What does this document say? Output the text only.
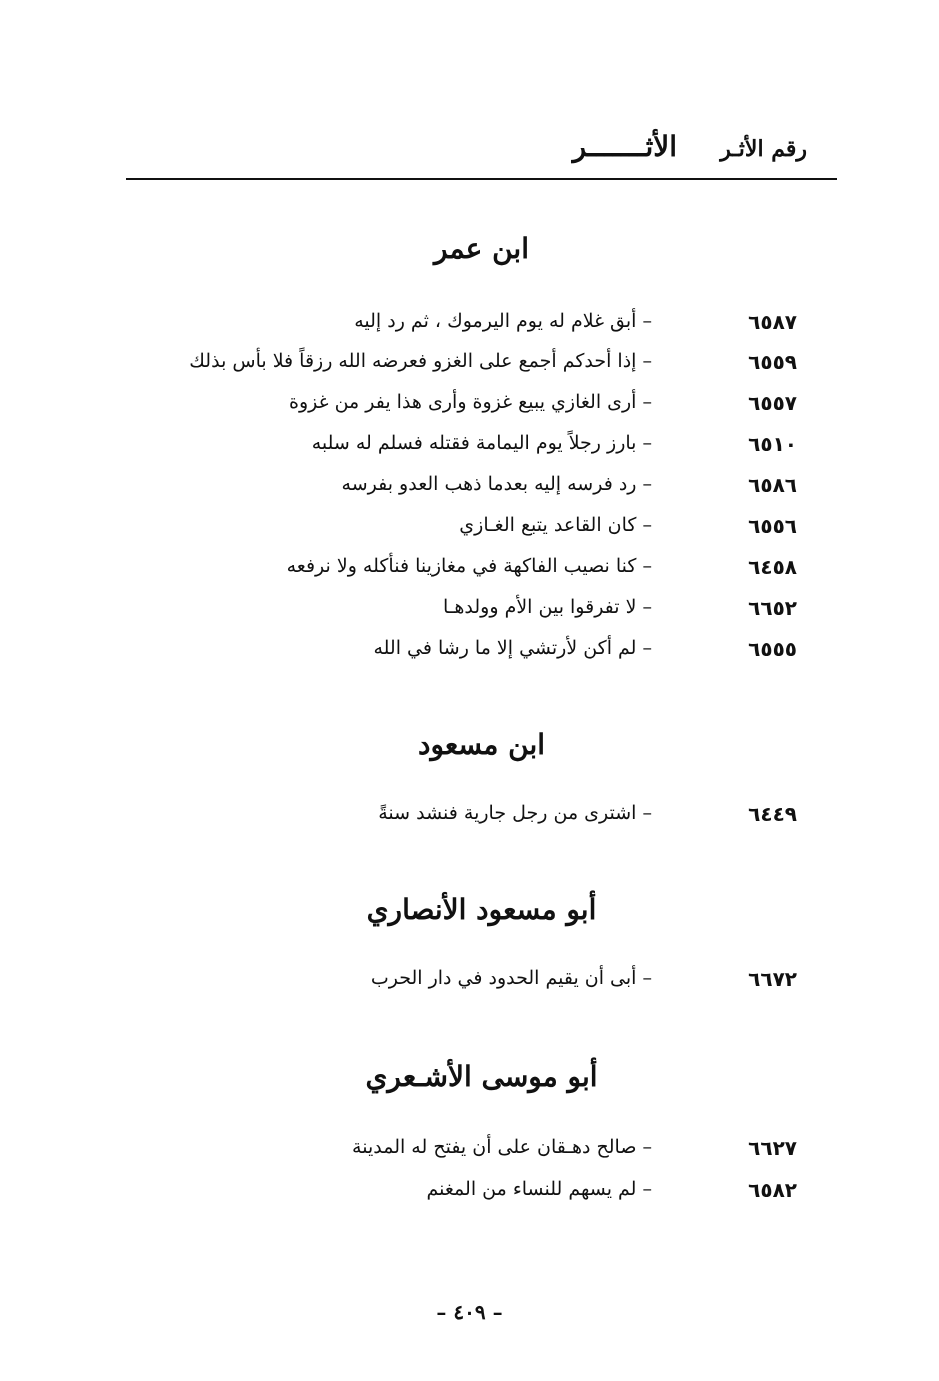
رقم الأثـر
الأثـــــــر
ابن عمر
٦٥٨٧
– أبق غلام له يوم اليرموك ، ثم رد إليه
٦٥٥٩
– إذا أحدكم أجمع على الغزو فعرضه الله رزقاً فلا بأس بذلك
٦٥٥٧
– أرى الغازي يبيع غزوة وأرى هذا يفر من غزوة
٦٥١٠
– بارز رجلاً يوم اليمامة فقتله فسلم له سلبه
٦٥٨٦
– رد فرسه إليه بعدما ذهب العدو بفرسه
٦٥٥٦
– كان القاعد يتبع الغـازي
٦٤٥٨
– كنا نصيب الفاكهة في مغازينا فنأكله ولا نرفعه
٦٦٥٢
– لا تفرقوا بين الأم وولدهـا
٦٥٥٥
– لم أكن لأرتشي إلا ما رشا في الله
ابن مسعود
٦٤٤٩
– اشترى من رجل جارية فنشد سنةً
أبو مسعود الأنصاري
٦٦٧٢
– أبى أن يقيم الحدود في دار الحرب
أبو موسى الأشـعري
٦٦٢٧
– صالح دهـقان على أن يفتح له المدينة
٦٥٨٢
– لم يسهم للنساء من المغنم
– ٤٠٩ –
